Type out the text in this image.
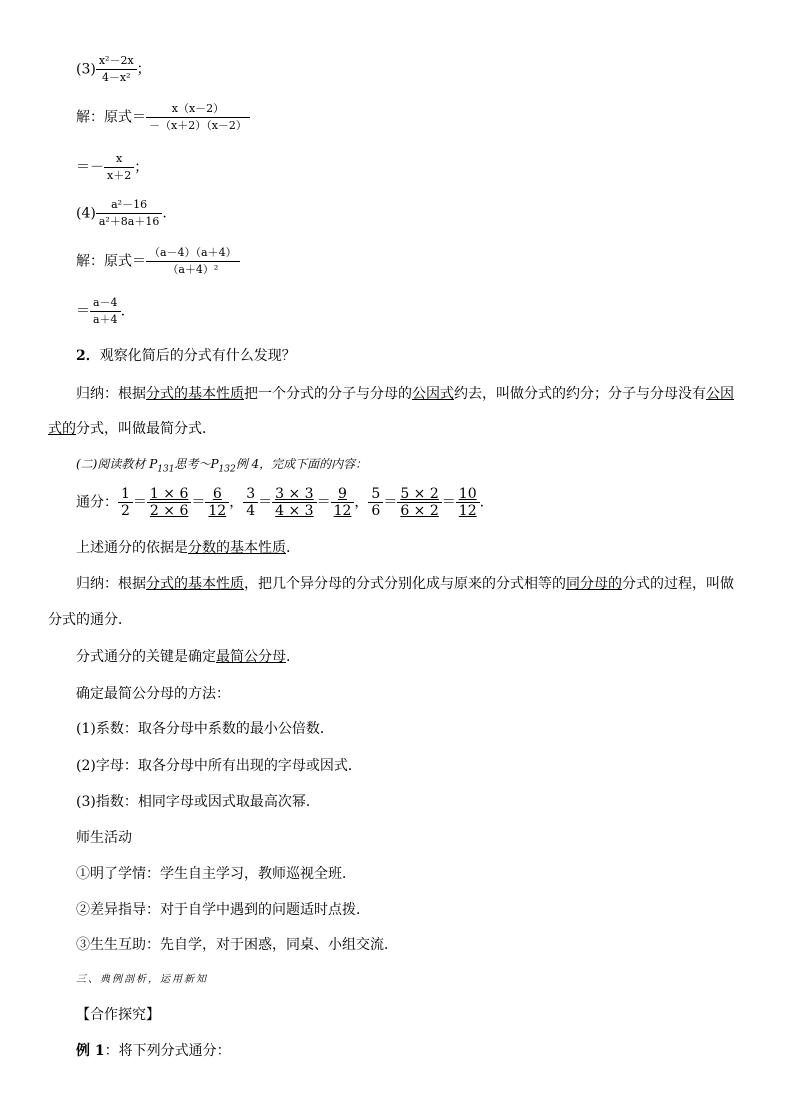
$(3) \frac{\text{x²－2x}}{\text{4－x²}}$ ；
解：原式＝ $\frac{x(x-2)}{-(x+2)(x-2)}$
＝－ $\frac{x}{x+2}$ ；
$(4) \frac{\text{a²－16}}{\text{a²＋8a＋16}}$ .
解：原式＝ $\frac{(a-4)(a+4)}{\text{（a＋4）²}}$
＝ $\frac{a-4}{a+4}$ .
2．观察化简后的分式有什么发现？
归纳：根据分式的基本性质把一个分式的分子与分母的公因式约去，叫做分式的约分；分子与分母没有公因
式的分式，叫做最简分式．
(二)阅读教材 $P_{131}$思考$\sim P_{132}$例 4，完成下面的内容：
通分： $\frac{1}{2} = \frac{1 \times 6}{2 \times 6} = \frac{6}{12}$ ， $\frac{3}{4} = \frac{3 \times 3}{4 \times 3} = \frac{9}{12}$ ， $\frac{5}{6} = \frac{5 \times 2}{6 \times 2} = \frac{10}{12}$ .
上述通分的依据是分数的基本性质.
归纳：根据分式的基本性质，把几个异分母的分式分别化成与原来的分式相等的同分母的分式的过程，叫做
分式的通分．
分式通分的关键是确定最简公分母.
确定最简公分母的方法：
(1)系数：取各分母中系数的最小公倍数．
(2)字母：取各分母中所有出现的字母或因式．
(3)指数：相同字母或因式取最高次幂．
师生活动
①明了学情：学生自主学习，教师巡视全班．
②差异指导：对于自学中遇到的问题适时点拨．
③生生互助：先自学，对于困惑，同桌、小组交流．
三、典例剖析，运用新知
【合作探究】
例 1：将下列分式通分：
